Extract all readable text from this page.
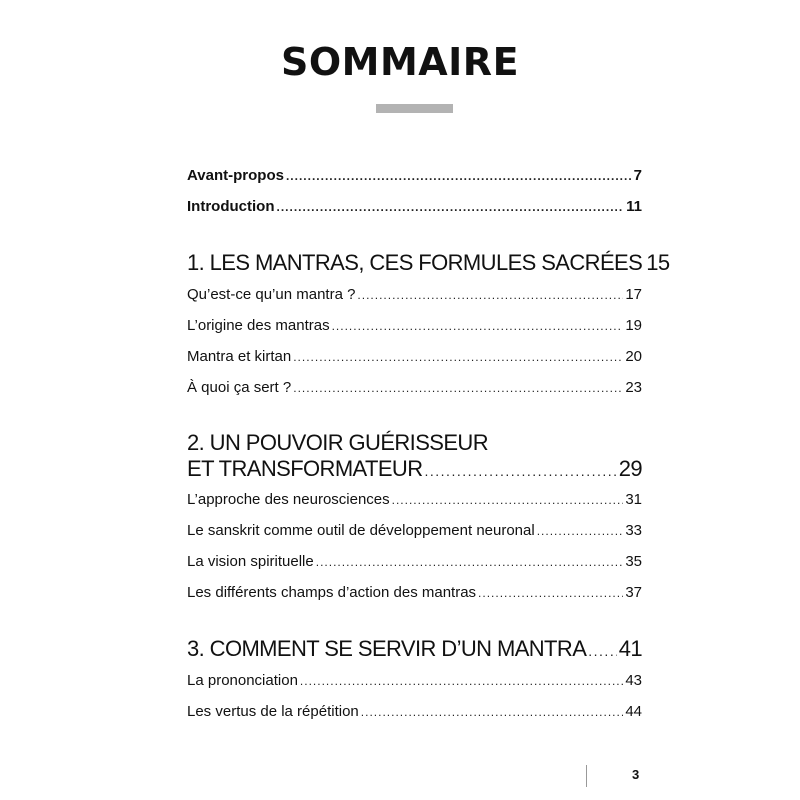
SOMMAIRE
Avant-propos .....	7
Introduction .....	11
1. LES MANTRAS, CES FORMULES SACRÉES 15
Qu’est-ce qu’un mantra ? .....	17
L’origine des mantras .....	19
Mantra et kirtan .....	20
À quoi ça sert ? .....	23
2. UN POUVOIR GUÉRISSEUR
ET TRANSFORMATEUR .....	29
L’approche des neurosciences .....	31
Le sanskrit comme outil de développement neuronal .....	33
La vision spirituelle .....	35
Les différents champs d’action des mantras .....	37
3. COMMENT SE SERVIR D’UN MANTRA ..... 41
La prononciation .....	43
Les vertus de la répétition .....	44
3
